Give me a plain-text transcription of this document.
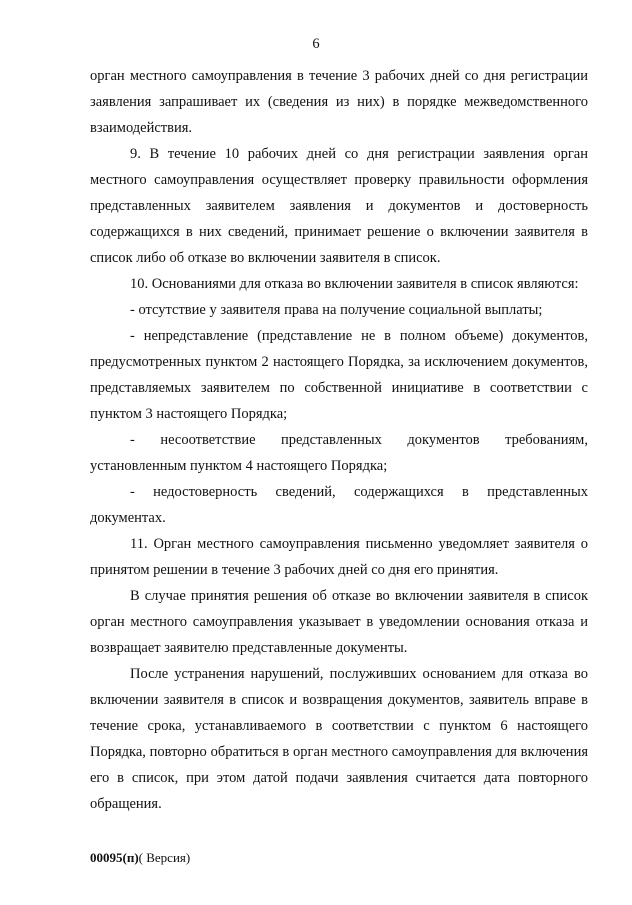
6

орган местного самоуправления в течение 3 рабочих дней со дня регистрации заявления запрашивает их (сведения из них) в порядке межведомственного взаимодействия.

9. В течение 10 рабочих дней со дня регистрации заявления орган местного самоуправления осуществляет проверку правильности оформления представленных заявителем заявления и документов и достоверность содержащихся в них сведений, принимает решение о включении заявителя в список либо об отказе во включении заявителя в список.

10. Основаниями для отказа во включении заявителя в список являются:

- отсутствие у заявителя права на получение социальной выплаты;

- непредставление (представление не в полном объеме) документов, предусмотренных пунктом 2 настоящего Порядка, за исключением документов, представляемых заявителем по собственной инициативе в соответствии с пунктом 3 настоящего Порядка;

- несоответствие представленных документов требованиям, установленным пунктом 4 настоящего Порядка;

- недостоверность сведений, содержащихся в представленных документах.

11. Орган местного самоуправления письменно уведомляет заявителя о принятом решении в течение 3 рабочих дней со дня его принятия.

В случае принятия решения об отказе во включении заявителя в список орган местного самоуправления указывает в уведомлении основания отказа и возвращает заявителю представленные документы.

После устранения нарушений, послуживших основанием для отказа во включении заявителя в список и возвращения документов, заявитель вправе в течение срока, устанавливаемого в соответствии с пунктом 6 настоящего Порядка, повторно обратиться в орган местного самоуправления для включения его в список, при этом датой подачи заявления считается дата повторного обращения.

00095(п)( Версия)
